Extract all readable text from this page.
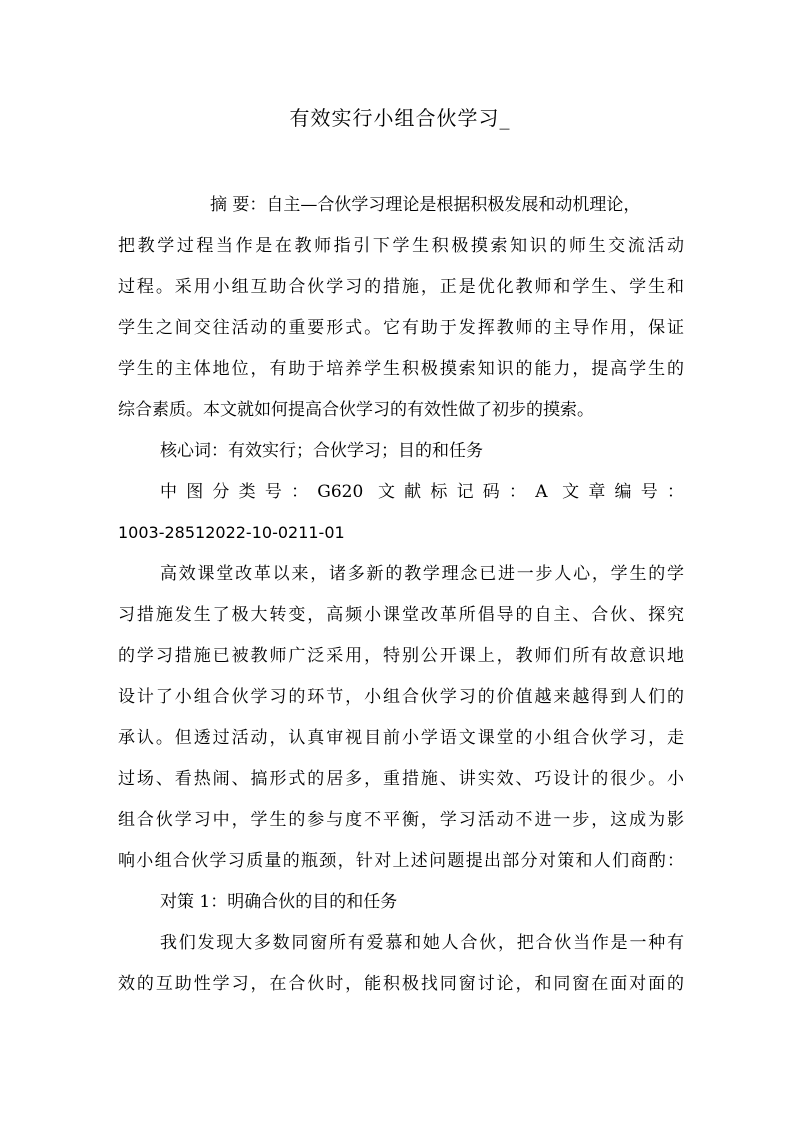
有效实行小组合伙学习_
摘 要：自主—合伙学习理论是根据积极发展和动机理论，
把教学过程当作是在教师指引下学生积极摸索知识的师生交流活动
过程。采用小组互助合伙学习的措施，正是优化教师和学生、学生和
学生之间交往活动的重要形式。它有助于发挥教师的主导作用，保证
学生的主体地位，有助于培养学生积极摸索知识的能力，提高学生的
综合素质。本文就如何提高合伙学习的有效性做了初步的摸索。
核心词：有效实行；合伙学习；目的和任务
中图分类号：G620 文献标记码：A 文章编号：
1003-28512022-10-0211-01
高效课堂改革以来，诸多新的教学理念已进一步人心，学生的学
习措施发生了极大转变，高频小课堂改革所倡导的自主、合伙、探究
的学习措施已被教师广泛采用，特别公开课上，教师们所有故意识地
设计了小组合伙学习的环节，小组合伙学习的价值越来越得到人们的
承认。但透过活动，认真审视目前小学语文课堂的小组合伙学习，走
过场、看热闹、搞形式的居多，重措施、讲实效、巧设计的很少。小
组合伙学习中，学生的参与度不平衡，学习活动不进一步，这成为影
响小组合伙学习质量的瓶颈，针对上述问题提出部分对策和人们商酌：
对策 1：明确合伙的目的和任务
我们发现大多数同窗所有爱慕和她人合伙，把合伙当作是一种有
效的互助性学习，在合伙时，能积极找同窗讨论，和同窗在面对面的
